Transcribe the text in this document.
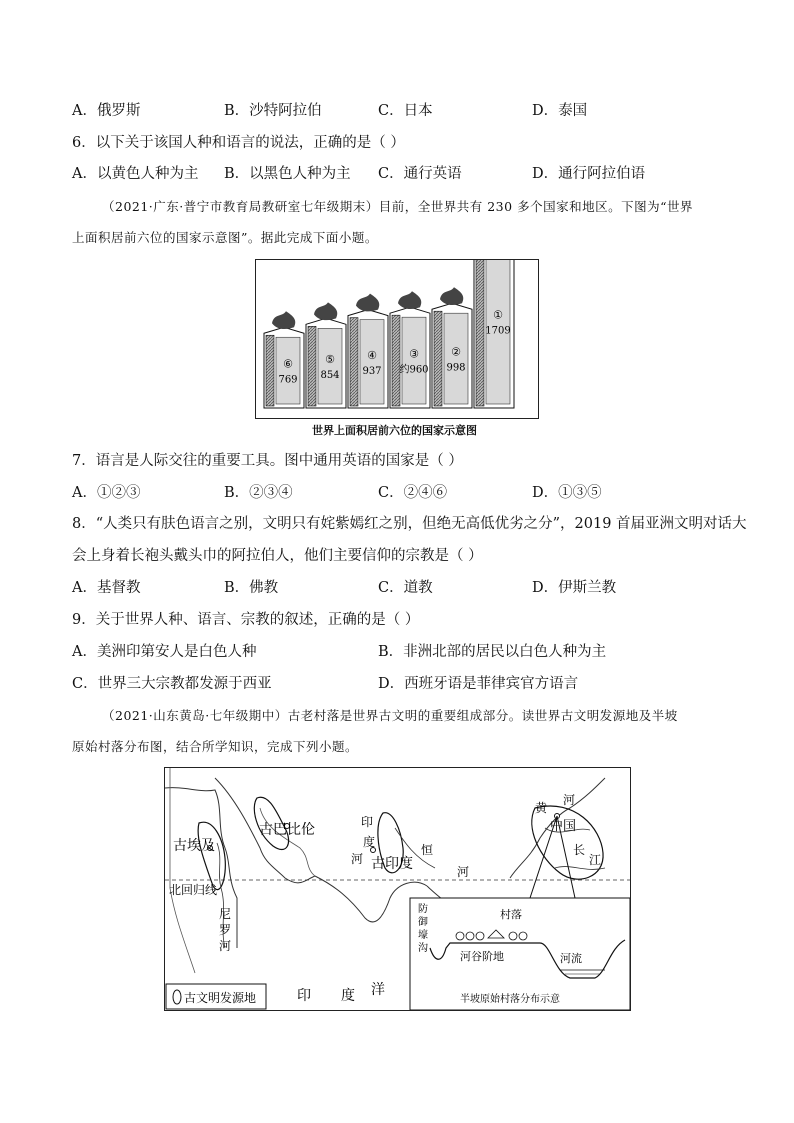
A．俄罗斯	B．沙特阿拉伯	C．日本	D．泰国
6．以下关于该国人种和语言的说法，正确的是（ ）
A．以黄色人种为主 B．以黑色人种为主 C．通行英语	D．通行阿拉伯语
（2021·广东·普宁市教育局教研室七年级期末）目前，全世界共有 230 多个国家和地区。下图为“世界
上面积居前六位的国家示意图”。据此完成下面小题。
⑥
769
⑤
854
④
937
③
约960
②
998
①
1709
世界上面积居前六位的国家示意图
7．语言是人际交往的重要工具。图中通用英语的国家是（ ）
A．①②③	B．②③④	C．②④⑥	D．①③⑤
8．“人类只有肤色语言之别，文明只有姹紫嫣红之别，但绝无高低优劣之分”，2019 首届亚洲文明对话大
会上身着长袍头戴头巾的阿拉伯人，他们主要信仰的宗教是（ ）
A．基督教	B．佛教	C．道教	D．伊斯兰教
9．关于世界人种、语言、宗教的叙述，正确的是（ ）
A．美洲印第安人是白色人种	B．非洲北部的居民以白色人种为主
C．世界三大宗教都发源于西亚	D．西班牙语是菲律宾官方语言
（2021·山东黄岛·七年级期中）古老村落是世界古文明的重要组成部分。读世界古文明发源地及半坡
原始村落分布图，结合所学知识，完成下列小题。
古埃及
古巴比伦
古印度
中国
北回归线
尼
罗
河
印
度
河
恒
河
黄
河
长
江
印 度 洋
古文明发源地
防
御
壕
沟
村落
河谷阶地	河流
半坡原始村落分布示意
